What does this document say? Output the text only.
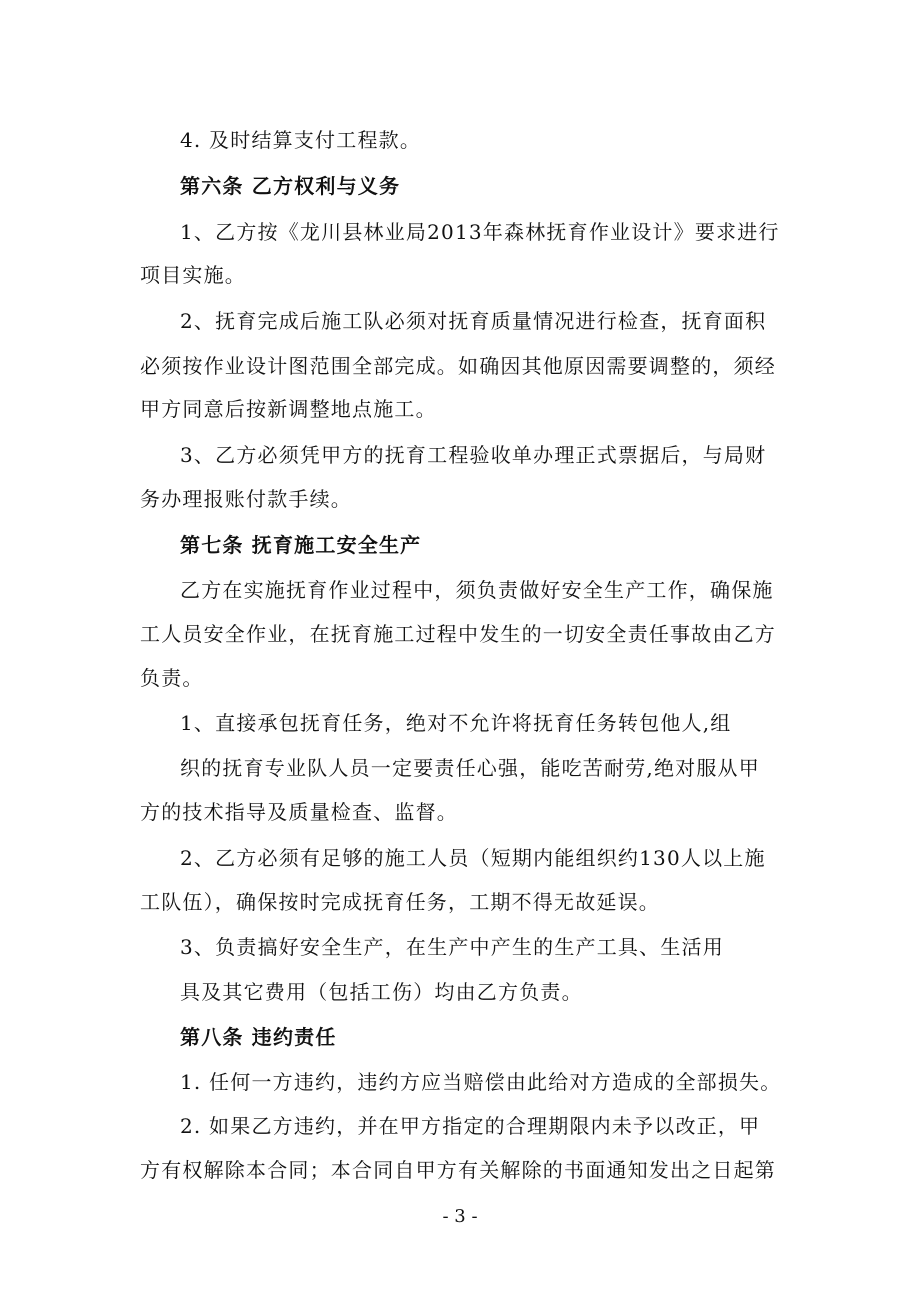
4. 及时结算支付工程款。
第六条 乙方权利与义务
1、乙方按《龙川县林业局2013年森林抚育作业设计》要求进行
项目实施。
2、抚育完成后施工队必须对抚育质量情况进行检查，抚育面积
必须按作业设计图范围全部完成。如确因其他原因需要调整的，须经
甲方同意后按新调整地点施工。
3、乙方必须凭甲方的抚育工程验收单办理正式票据后，与局财
务办理报账付款手续。
第七条 抚育施工安全生产
乙方在实施抚育作业过程中，须负责做好安全生产工作，确保施
工人员安全作业，在抚育施工过程中发生的一切安全责任事故由乙方
负责。
1、直接承包抚育任务，绝对不允许将抚育任务转包他人,组
织的抚育专业队人员一定要责任心强，能吃苦耐劳,绝对服从甲
方的技术指导及质量检查、监督。
2、乙方必须有足够的施工人员（短期内能组织约130人以上施
工队伍），确保按时完成抚育任务，工期不得无故延误。
3、负责搞好安全生产，在生产中产生的生产工具、生活用
具及其它费用（包括工伤）均由乙方负责。
第八条 违约责任
1. 任何一方违约，违约方应当赔偿由此给对方造成的全部损失。
2. 如果乙方违约，并在甲方指定的合理期限内未予以改正，甲
方有权解除本合同；本合同自甲方有关解除的书面通知发出之日起第
- 3 -
